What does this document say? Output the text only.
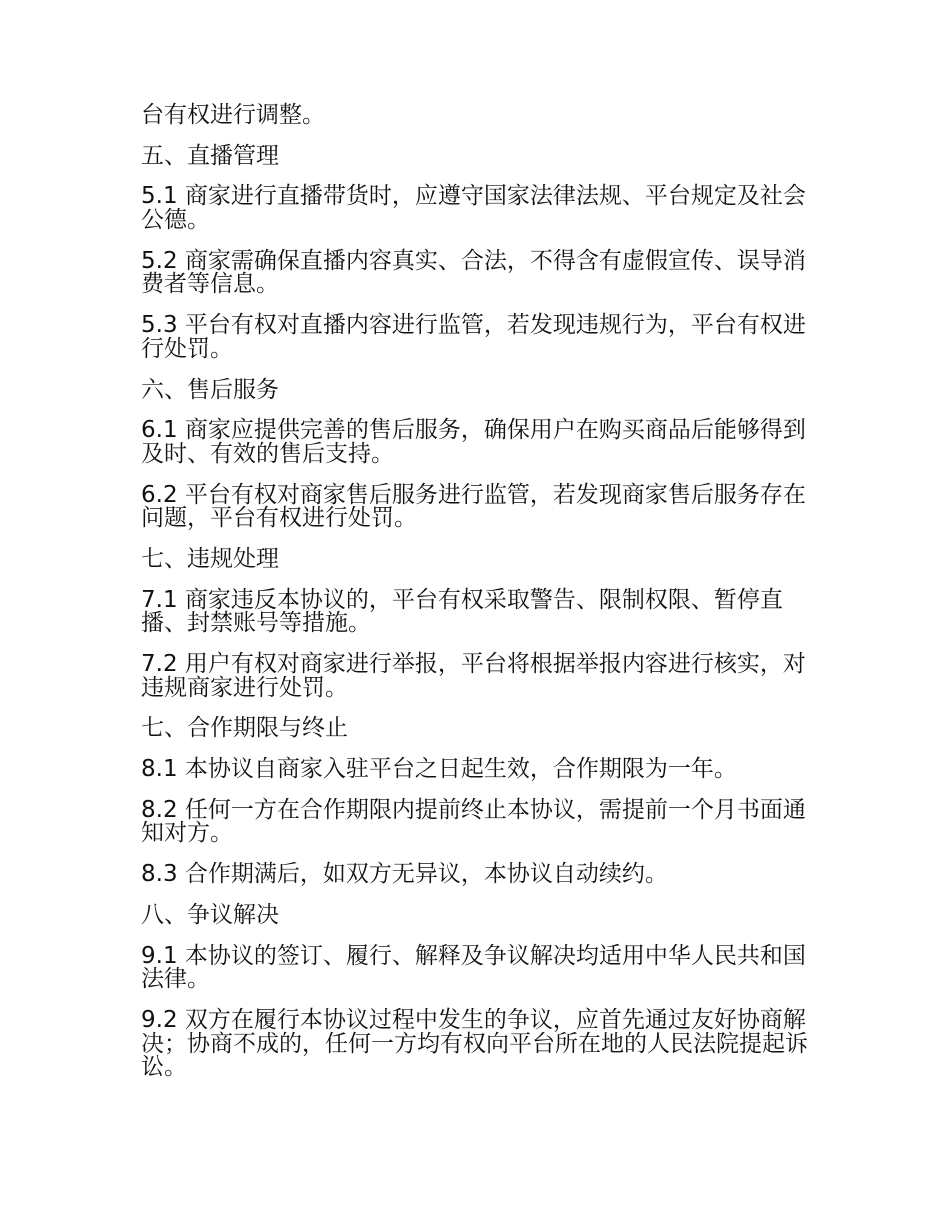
台有权进行调整。

五、直播管理

5.1 商家进行直播带货时，应遵守国家法律法规、平台规定及社会公德。

5.2 商家需确保直播内容真实、合法，不得含有虚假宣传、误导消费者等信息。

5.3 平台有权对直播内容进行监管，若发现违规行为，平台有权进行处罚。

六、售后服务

6.1 商家应提供完善的售后服务，确保用户在购买商品后能够得到及时、有效的售后支持。

6.2 平台有权对商家售后服务进行监管，若发现商家售后服务存在问题，平台有权进行处罚。

七、违规处理

7.1 商家违反本协议的，平台有权采取警告、限制权限、暂停直播、封禁账号等措施。

7.2 用户有权对商家进行举报，平台将根据举报内容进行核实，对违规商家进行处罚。

七、合作期限与终止

8.1 本协议自商家入驻平台之日起生效，合作期限为一年。

8.2 任何一方在合作期限内提前终止本协议，需提前一个月书面通知对方。

8.3 合作期满后，如双方无异议，本协议自动续约。

八、争议解决

9.1 本协议的签订、履行、解释及争议解决均适用中华人民共和国法律。

9.2 双方在履行本协议过程中发生的争议，应首先通过友好协商解决；协商不成的，任何一方均有权向平台所在地的人民法院提起诉讼。
